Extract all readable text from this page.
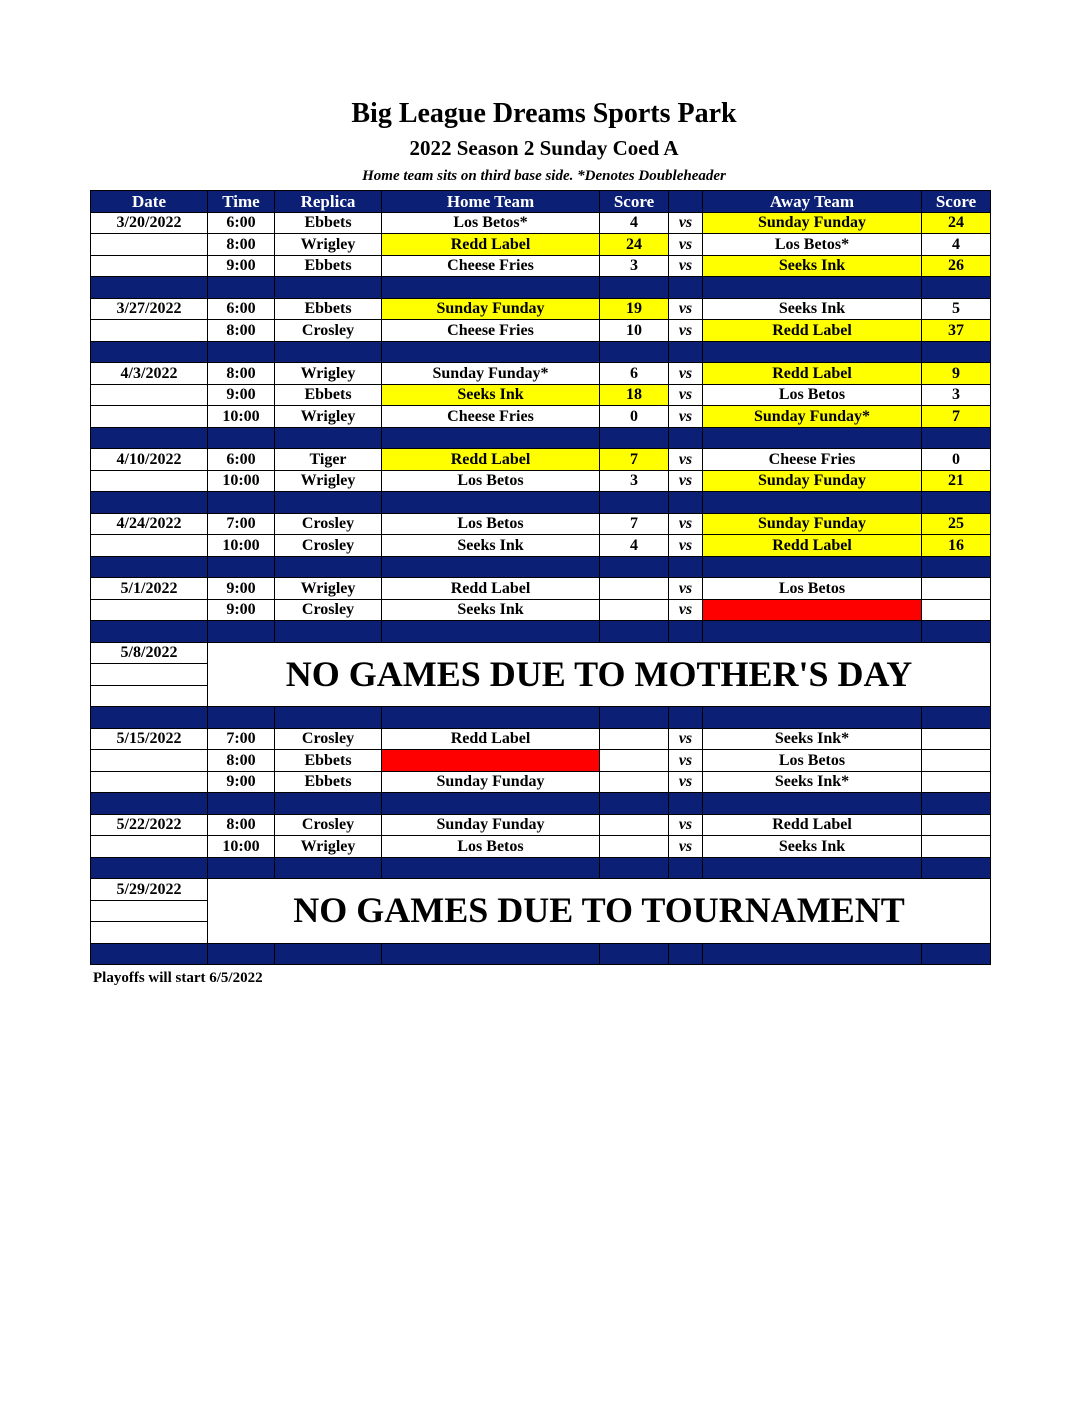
Big League Dreams Sports Park
2022 Season 2 Sunday Coed A
Home team sits on third base side. *Denotes Doubleheader
Date	Time	Replica	Home Team	Score		Away Team	Score
3/20/2022	6:00	Ebbets	Los Betos*	4	vs	Sunday Funday	24
	8:00	Wrigley	Redd Label	24	vs	Los Betos*	4
	9:00	Ebbets	Cheese Fries	3	vs	Seeks Ink	26

3/27/2022	6:00	Ebbets	Sunday Funday	19	vs	Seeks Ink	5
	8:00	Crosley	Cheese Fries	10	vs	Redd Label	37

4/3/2022	8:00	Wrigley	Sunday Funday*	6	vs	Redd Label	9
	9:00	Ebbets	Seeks Ink	18	vs	Los Betos	3
	10:00	Wrigley	Cheese Fries	0	vs	Sunday Funday*	7

4/10/2022	6:00	Tiger	Redd Label	7	vs	Cheese Fries	0
	10:00	Wrigley	Los Betos	3	vs	Sunday Funday	21

4/24/2022	7:00	Crosley	Los Betos	7	vs	Sunday Funday	25
	10:00	Crosley	Seeks Ink	4	vs	Redd Label	16

5/1/2022	9:00	Wrigley	Redd Label		vs	Los Betos	
	9:00	Crosley	Seeks Ink		vs		

5/8/2022	NO GAMES DUE TO MOTHER'S DAY						

5/15/2022	7:00	Crosley	Redd Label		vs	Seeks Ink*	
	8:00	Ebbets			vs	Los Betos	
	9:00	Ebbets	Sunday Funday		vs	Seeks Ink*	

5/22/2022	8:00	Crosley	Sunday Funday		vs	Redd Label	
	10:00	Wrigley	Los Betos		vs	Seeks Ink	

5/29/2022	NO GAMES DUE TO TOURNAMENT						

Playoffs will start 6/5/2022
